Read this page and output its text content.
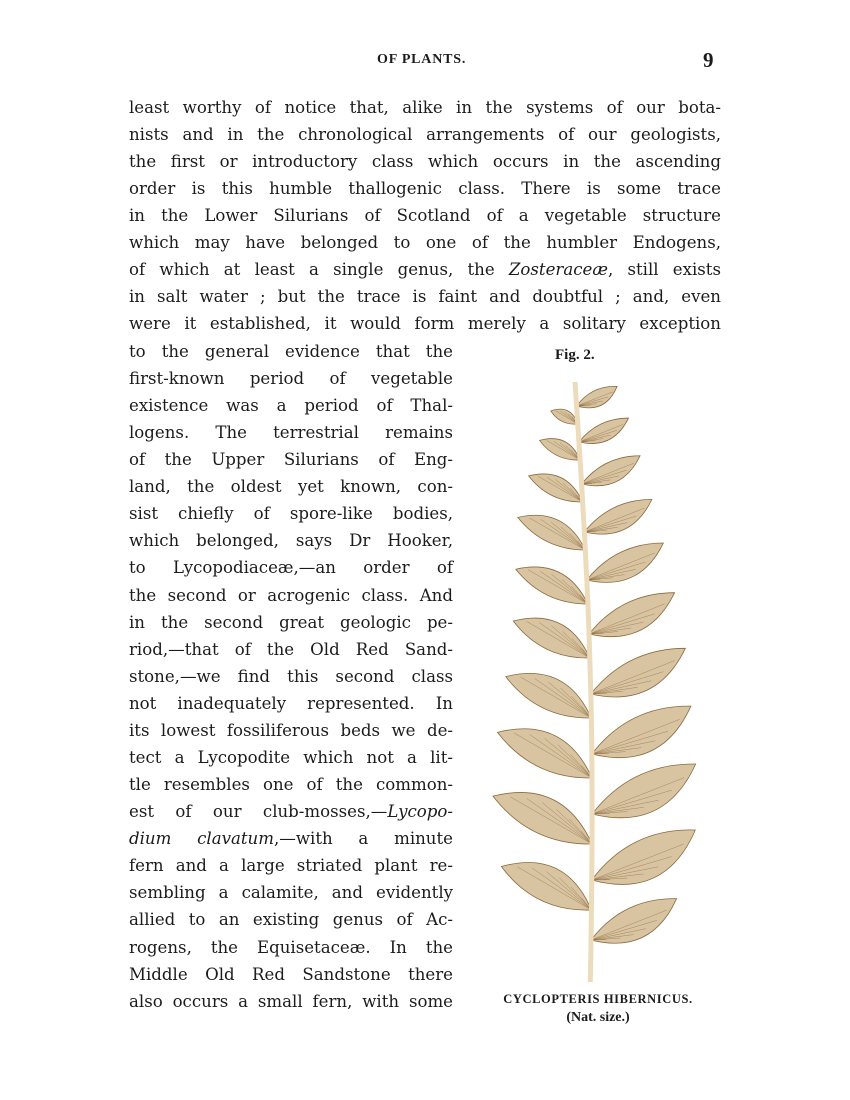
OF PLANTS.	9
least worthy of notice that, alike in the systems of our bota-
nists and in the chronological arrangements of our geologists,
the first or introductory class which occurs in the ascending
order is this humble thallogenic class. There is some trace
in the Lower Silurians of Scotland of a vegetable structure
which may have belonged to one of the humbler Endogens,
of which at least a single genus, the Zosteraceæ, still exists
in salt water ; but the trace is faint and doubtful ; and, even
were it established, it would form merely a solitary exception
to the general evidence that the
first-known period of vegetable
existence was a period of Thal-
logens. The terrestrial remains
of the Upper Silurians of Eng-
land, the oldest yet known, con-
sist chiefly of spore-like bodies,
which belonged, says Dr Hooker,
to Lycopodiaceæ,—an order of
the second or acrogenic class. And
in the second great geologic pe-
riod,—that of the Old Red Sand-
stone,—we find this second class
not inadequately represented. In
its lowest fossiliferous beds we de-
tect a Lycopodite which not a lit-
tle resembles one of the common-
est of our club-mosses,—Lycopo-
dium clavatum,—with a minute
fern and a large striated plant re-
sembling a calamite, and evidently
allied to an existing genus of Ac-
rogens, the Equisetaceæ. In the
Middle Old Red Sandstone there
also occurs a small fern, with some
Fig. 2.
CYCLOPTERIS HIBERNICUS.
(Nat. size.)
